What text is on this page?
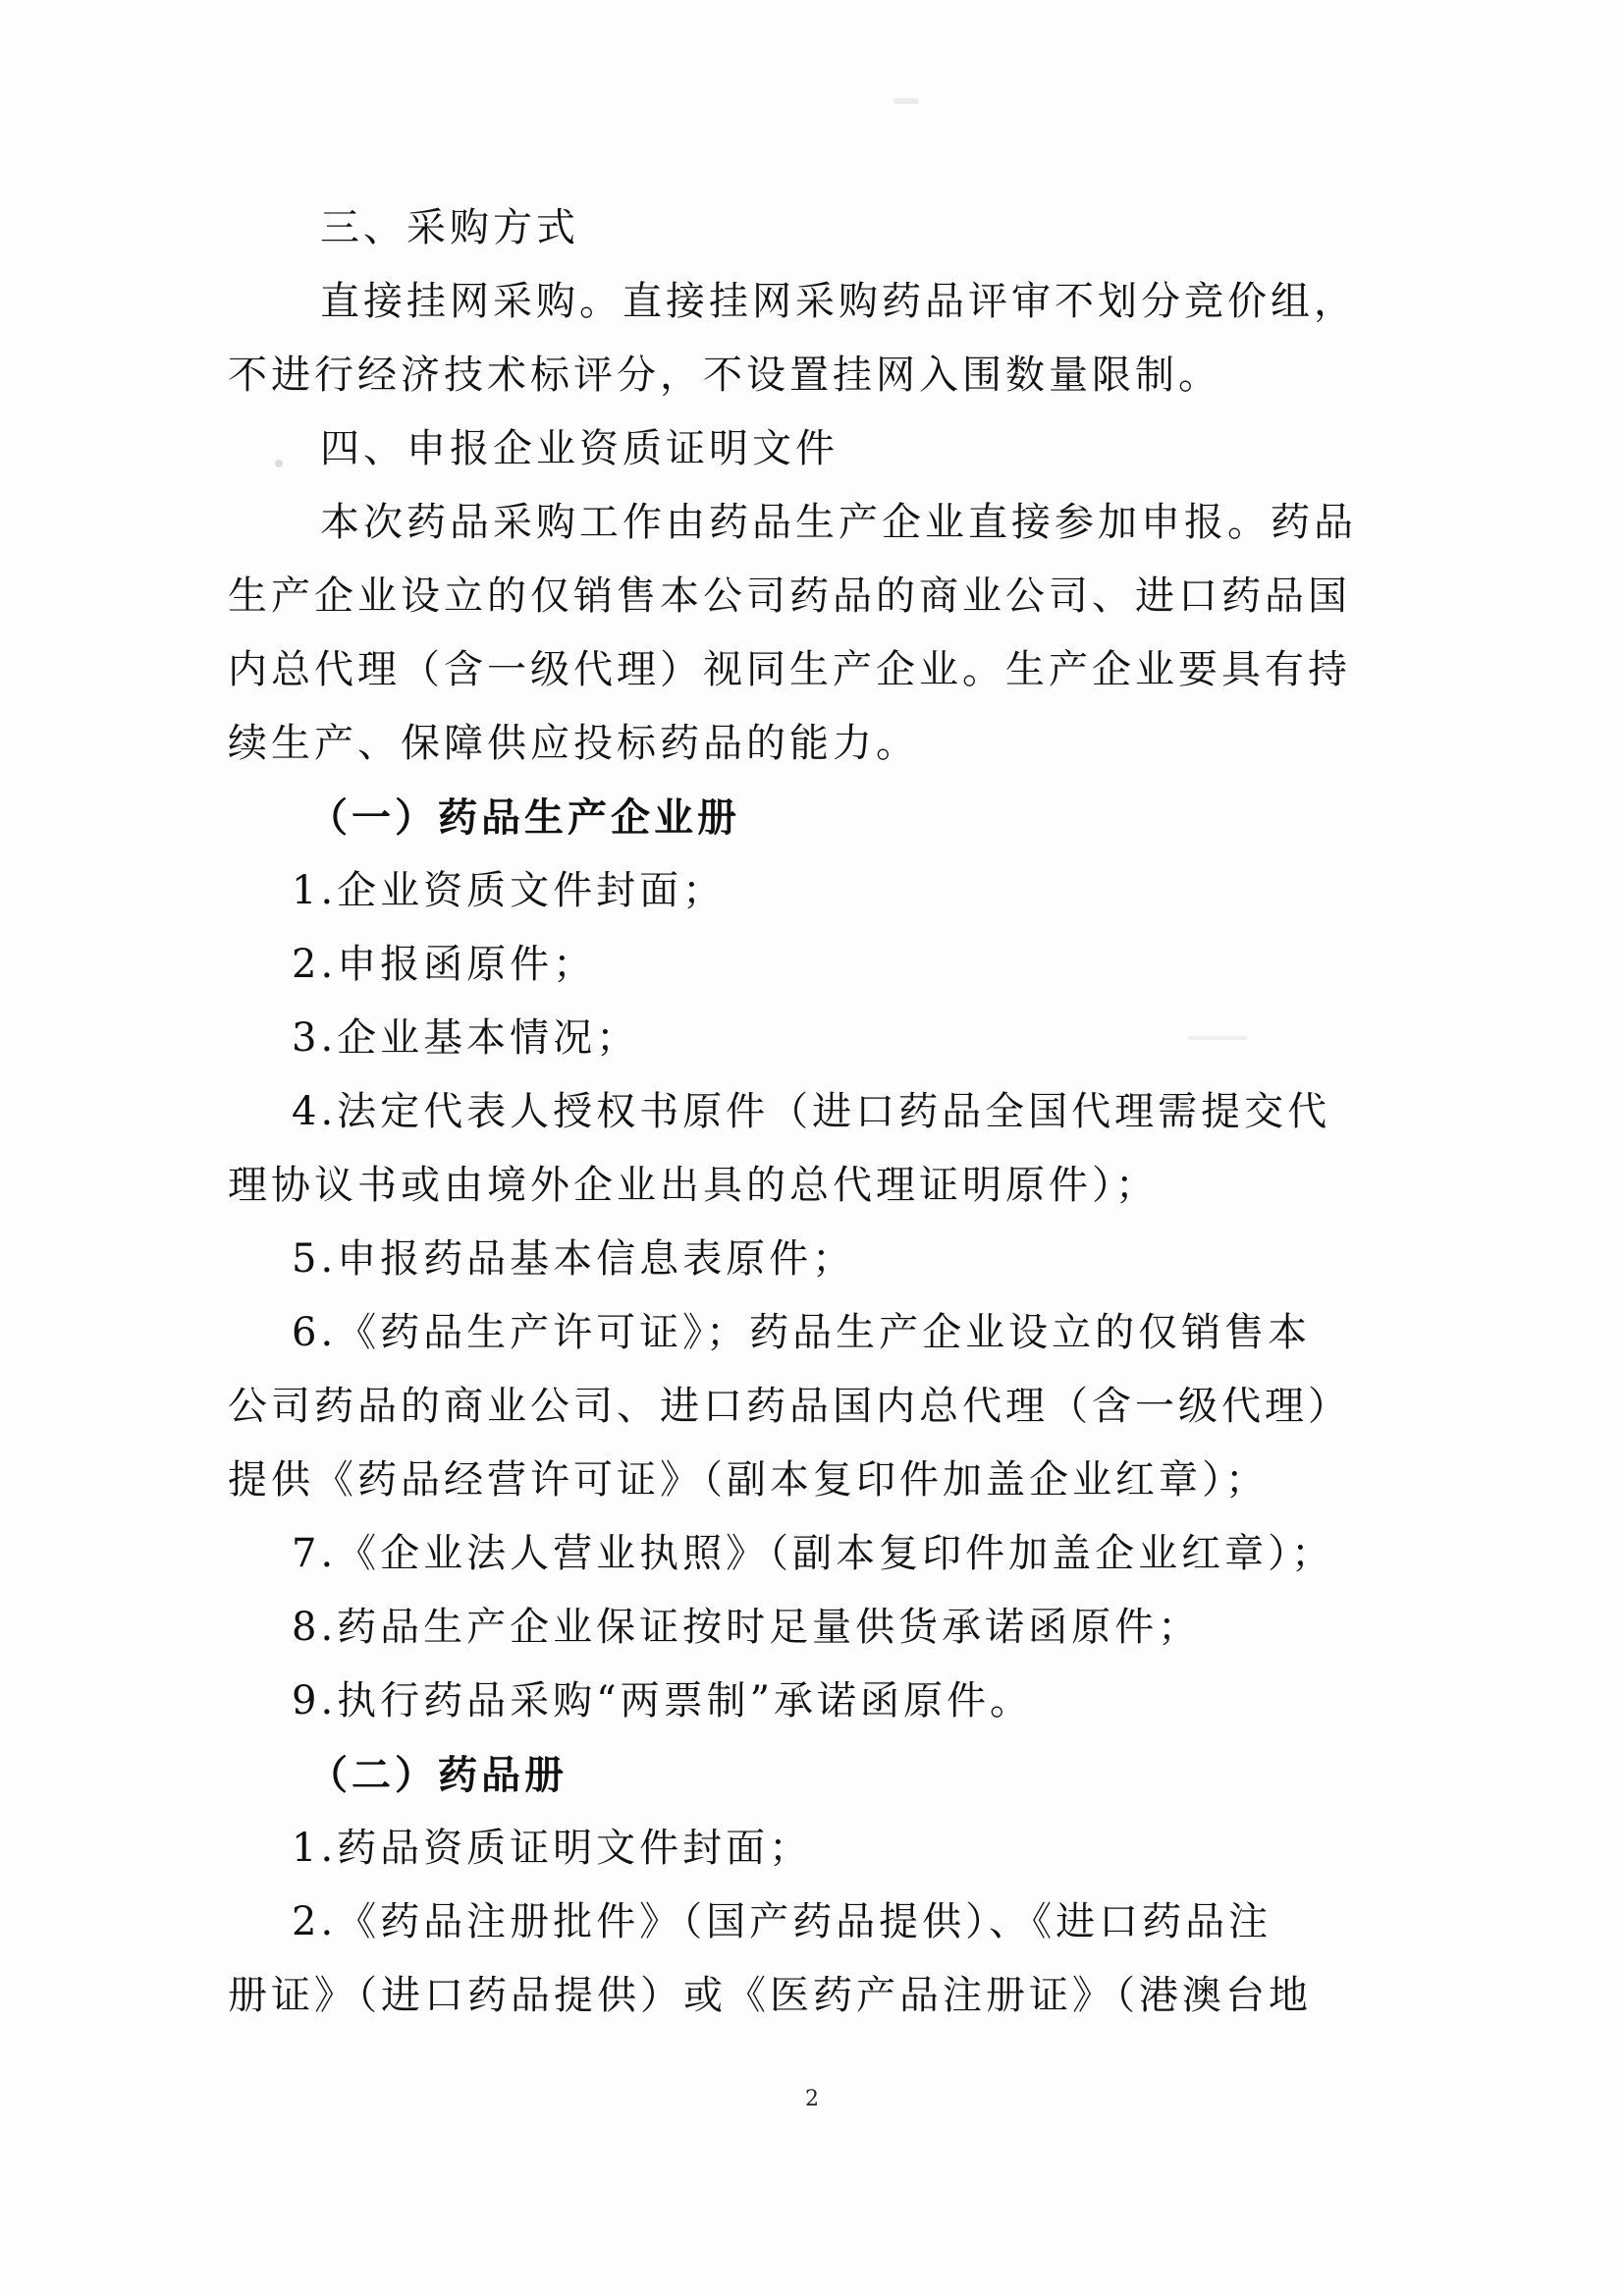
三、采购方式
直接挂网采购。直接挂网采购药品评审不划分竞价组，
不进行经济技术标评分，不设置挂网入围数量限制。
四、申报企业资质证明文件
本次药品采购工作由药品生产企业直接参加申报。药品
生产企业设立的仅销售本公司药品的商业公司、进口药品国
内总代理（含一级代理）视同生产企业。生产企业要具有持
续生产、保障供应投标药品的能力。
（一）药品生产企业册
1.企业资质文件封面；
2.申报函原件；
3.企业基本情况；
4.法定代表人授权书原件（进口药品全国代理需提交代
理协议书或由境外企业出具的总代理证明原件）；
5.申报药品基本信息表原件；
6.《药品生产许可证》；药品生产企业设立的仅销售本
公司药品的商业公司、进口药品国内总代理（含一级代理）
提供《药品经营许可证》（副本复印件加盖企业红章）；
7.《企业法人营业执照》（副本复印件加盖企业红章）；
8.药品生产企业保证按时足量供货承诺函原件；
9.执行药品采购“两票制”承诺函原件。
（二）药品册
1.药品资质证明文件封面；
2.《药品注册批件》（国产药品提供）、《进口药品注
册证》（进口药品提供）或《医药产品注册证》（港澳台地
2
